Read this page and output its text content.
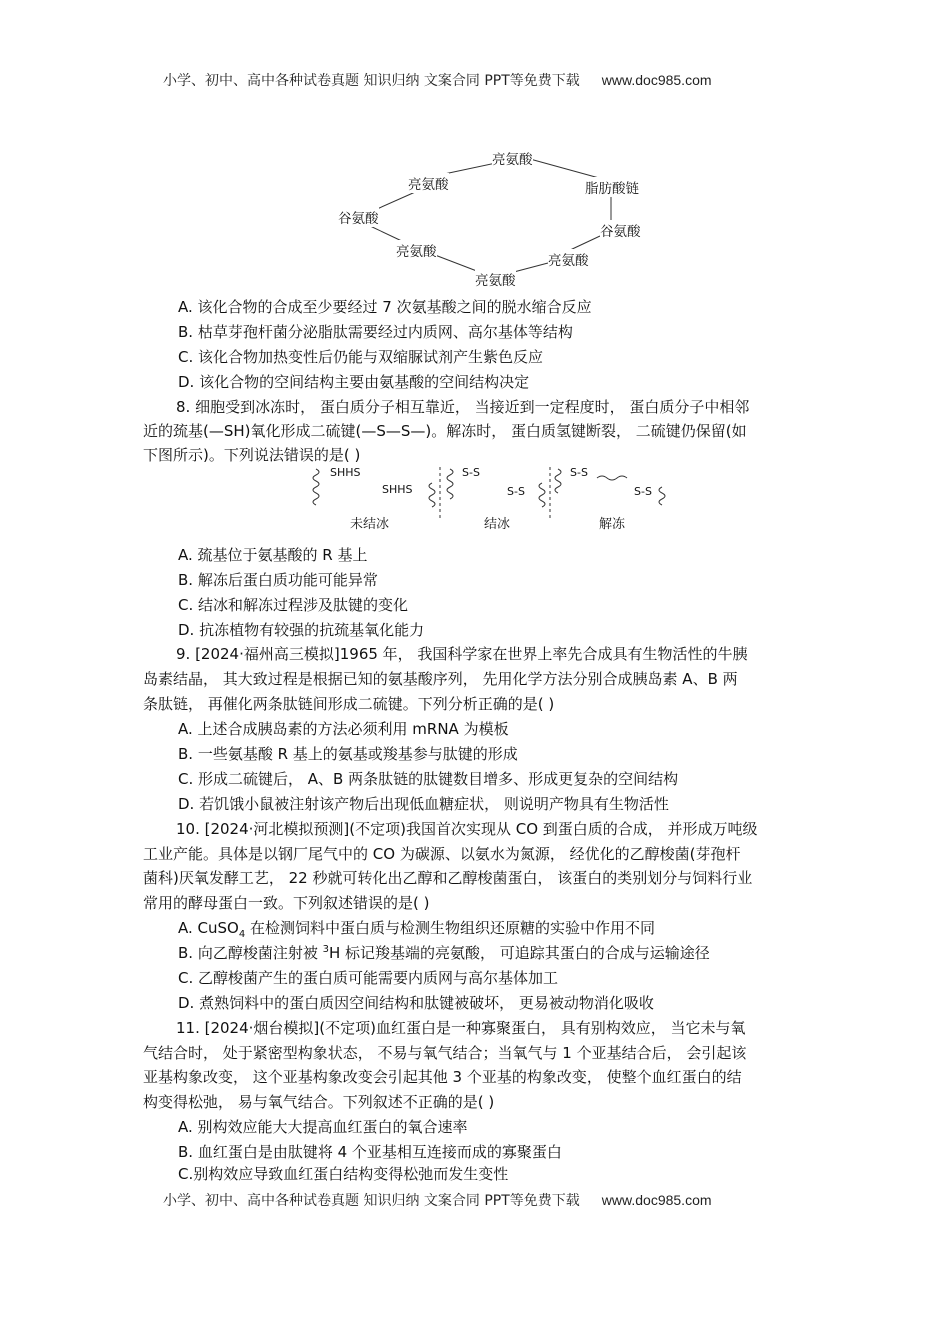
小学、初中、高中各种试卷真题 知识归纳 文案合同 PPT等免费下载 www.doc985.com
亮氨酸
亮氨酸	脂肪酸链
谷氨酸
谷氨酸
亮氨酸
亮氨酸
亮氨酸
A. 该化合物的合成至少要经过 7 次氨基酸之间的脱水缩合反应
B. 枯草芽孢杆菌分泌脂肽需要经过内质网、高尔基体等结构
C. 该化合物加热变性后仍能与双缩脲试剂产生紫色反应
D. 该化合物的空间结构主要由氨基酸的空间结构决定
8. 细胞受到冰冻时， 蛋白质分子相互靠近， 当接近到一定程度时， 蛋白质分子中相邻
近的巯基(—SH)氧化形成二硫键(—S—S—)。解冻时， 蛋白质氢键断裂， 二硫键仍保留(如
下图所示)。下列说法错误的是( )
SHHS
SHHS
S-S
S-S
S-S
S-S
未结冰	结冰	解冻
A. 巯基位于氨基酸的 R 基上
B. 解冻后蛋白质功能可能异常
C. 结冰和解冻过程涉及肽键的变化
D. 抗冻植物有较强的抗巯基氧化能力
9. [2024·福州高三模拟]1965 年， 我国科学家在世界上率先合成具有生物活性的牛胰
岛素结晶， 其大致过程是根据已知的氨基酸序列， 先用化学方法分别合成胰岛素 A、B 两
条肽链， 再催化两条肽链间形成二硫键。下列分析正确的是( )
A. 上述合成胰岛素的方法必须利用 mRNA 为模板
B. 一些氨基酸 R 基上的氨基或羧基参与肽键的形成
C. 形成二硫键后， A、B 两条肽链的肽键数目增多、形成更复杂的空间结构
D. 若饥饿小鼠被注射该产物后出现低血糖症状， 则说明产物具有生物活性
10. [2024·河北模拟预测](不定项)我国首次实现从 CO 到蛋白质的合成， 并形成万吨级
工业产能。具体是以钢厂尾气中的 CO 为碳源、以氨水为氮源， 经优化的乙醇梭菌(芽孢杆
菌科)厌氧发酵工艺， 22 秒就可转化出乙醇和乙醇梭菌蛋白， 该蛋白的类别划分与饲料行业
常用的酵母蛋白一致。下列叙述错误的是( )
A. CuSO$_4$ 在检测饲料中蛋白质与检测生物组织还原糖的实验中作用不同
B. 向乙醇梭菌注射被 $^3$H 标记羧基端的亮氨酸， 可追踪其蛋白的合成与运输途径
C. 乙醇梭菌产生的蛋白质可能需要内质网与高尔基体加工
D. 煮熟饲料中的蛋白质因空间结构和肽键被破坏， 更易被动物消化吸收
11. [2024·烟台模拟](不定项)血红蛋白是一种寡聚蛋白， 具有别构效应， 当它未与氧
气结合时， 处于紧密型构象状态， 不易与氧气结合；当氧气与 1 个亚基结合后， 会引起该
亚基构象改变， 这个亚基构象改变会引起其他 3 个亚基的构象改变， 使整个血红蛋白的结
构变得松弛， 易与氧气结合。下列叙述不正确的是( )
A. 别构效应能大大提高血红蛋白的氧合速率
B. 血红蛋白是由肽键将 4 个亚基相互连接而成的寡聚蛋白
C.别构效应导致血红蛋白结构变得松弛而发生变性
小学、初中、高中各种试卷真题 知识归纳 文案合同 PPT等免费下载 www.doc985.com
